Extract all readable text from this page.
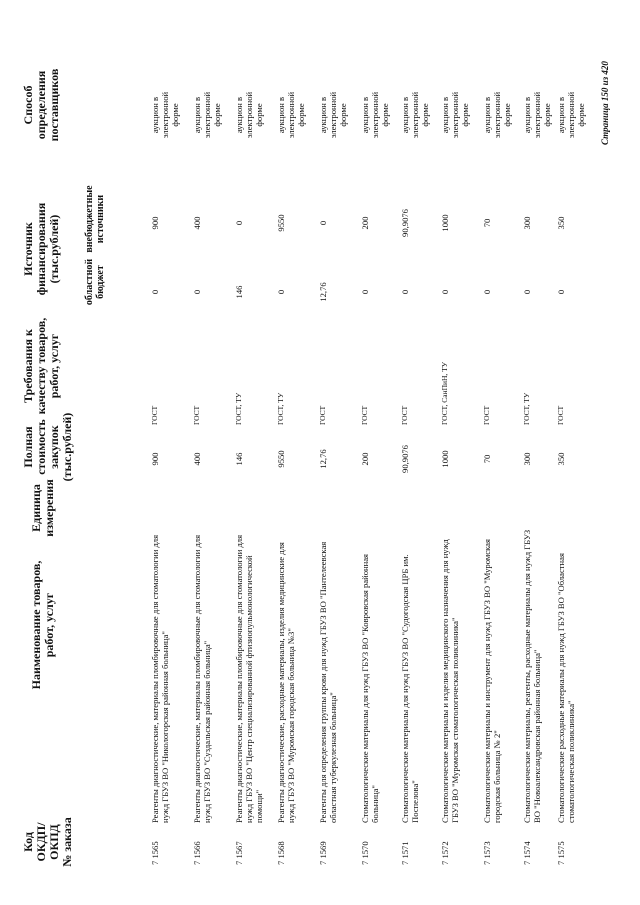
Код
ОКДП/
ОКПД
№ заказа
Наименование товаров,
работ, услуг
Единица
измерения
Полная
стоимость
закупок
(тыс.рублей)
Требования к
качеству товаров,
работ, услуг
Источник
финансирования
(тыс.рублей) областной
бюджет
внебюджетные
источники
Способ
определения
поставщиков
7 1565
Реагенты диагностические, материалы пломбировочные для стоматологии для нужд ГБУЗ ВО "Никологорская районная больница"
900
ГОСТ
0
900
аукцион в электронной форме
7 1566
Реагенты диагностические, материалы пломбировочные для стоматологии для нужд ГБУЗ ВО "Суздальская районная больница"
400
ГОСТ
0
400
аукцион в электронной форме
7 1567
Реагенты диагностические, материалы пломбировочные для стоматологии для нужд ГБУЗ ВО "Центр специализированной фтизиопульмонологической помощи"
146
ГОСТ, ТУ
146
0
аукцион в электронной форме
7 1568
Реагенты диагностические, расходные материалы, изделия медицинские для нужд ГБУЗ ВО "Муромская городская больница №3"
9550
ГОСТ, ТУ
0
9550
аукцион в электронной форме
7 1569
Реагенты для определения группы крови для нужд ГБУЗ ВО "Пантелеевская областная туберкулезная больница"
12,76
ГОСТ
12,76
0
аукцион в электронной форме
7 1570
Стоматологические материалы для нужд ГБУЗ ВО "Ковровская районная больница"
200
ГОСТ
0
200
аукцион в электронной форме
7 1571
Стоматологические материалы для нужд ГБУЗ ВО "Судогодская ЦРБ им. Поспелова"
90,9076
ГОСТ
0
90,9076
аукцион в электронной форме
7 1572
Стоматологические материалы и изделия медицинского назначения для нужд ГБУЗ ВО "Муромская стоматологическая поликлиника"
1000
ГОСТ, СанПиН, ТУ
0
1000
аукцион в электронной форме
7 1573
Стоматологические материалы и инструмент для нужд ГБУЗ ВО "Муромская городская больница № 2"
70
ГОСТ
0
70
аукцион в электронной форме
7 1574
Стоматологические материалы, реагенты, расходные материалы для нужд ГБУЗ ВО "Новоалександровская районная больница"
300
ГОСТ, ТУ
0
300
аукцион в электронной форме
7 1575
Стоматологические расходные материалы для нужд ГБУЗ ВО "Областная стоматологическая поликлиника"
350
ГОСТ
0
350
аукцион в электронной форме Страница 150 из 420
